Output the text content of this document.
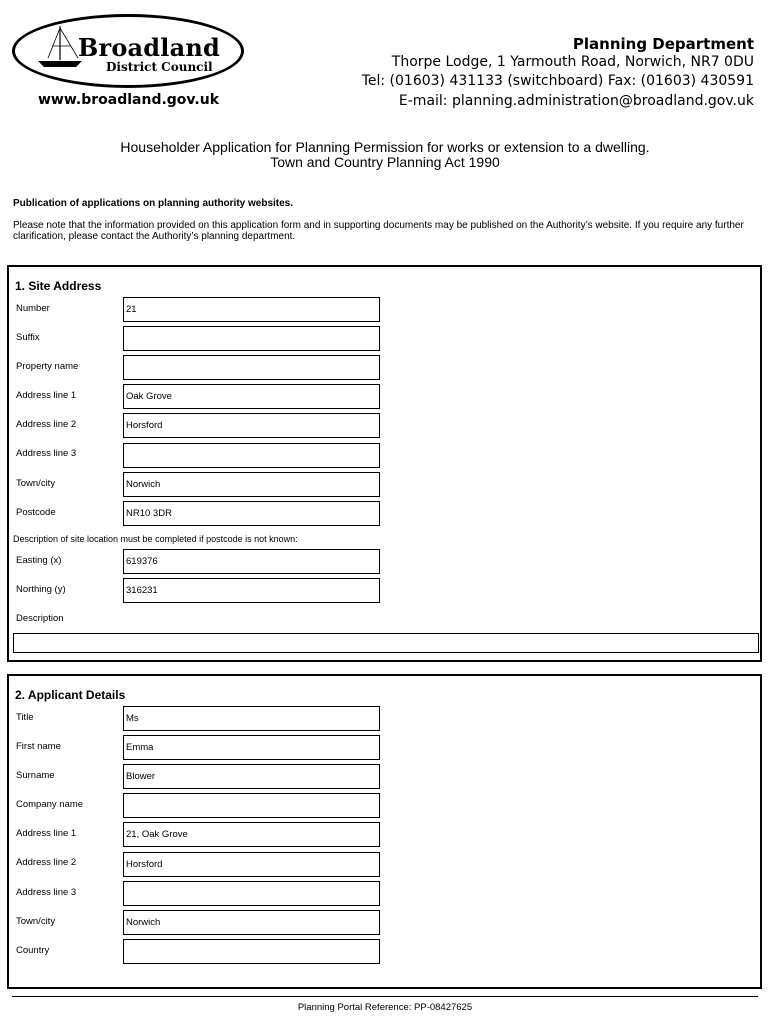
Broadland
District Council
www.broadland.gov.uk
Planning Department
Thorpe Lodge, 1 Yarmouth Road, Norwich, NR7 0DU
Tel: (01603) 431133 (switchboard) Fax: (01603) 430591
E-mail: planning.administration@broadland.gov.uk
Householder Application for Planning Permission for works or extension to a dwelling.
Town and Country Planning Act 1990
Publication of applications on planning authority websites.
Please note that the information provided on this application form and in supporting documents may be published on the Authority’s website. If you require any further clarification, please contact the Authority’s planning department.
1. Site Address
Number
21
Suffix
Property name
Address line 1
Oak Grove
Address line 2
Horsford
Address line 3
Town/city
Norwich
Postcode
NR10 3DR
Description of site location must be completed if postcode is not known:
Easting (x)
619376
Northing (y)
316231
Description
2. Applicant Details
Title
Ms
First name
Emma
Surname
Blower
Company name
Address line 1
21, Oak Grove
Address line 2
Horsford
Address line 3
Town/city
Norwich
Country
Planning Portal Reference: PP-08427625
